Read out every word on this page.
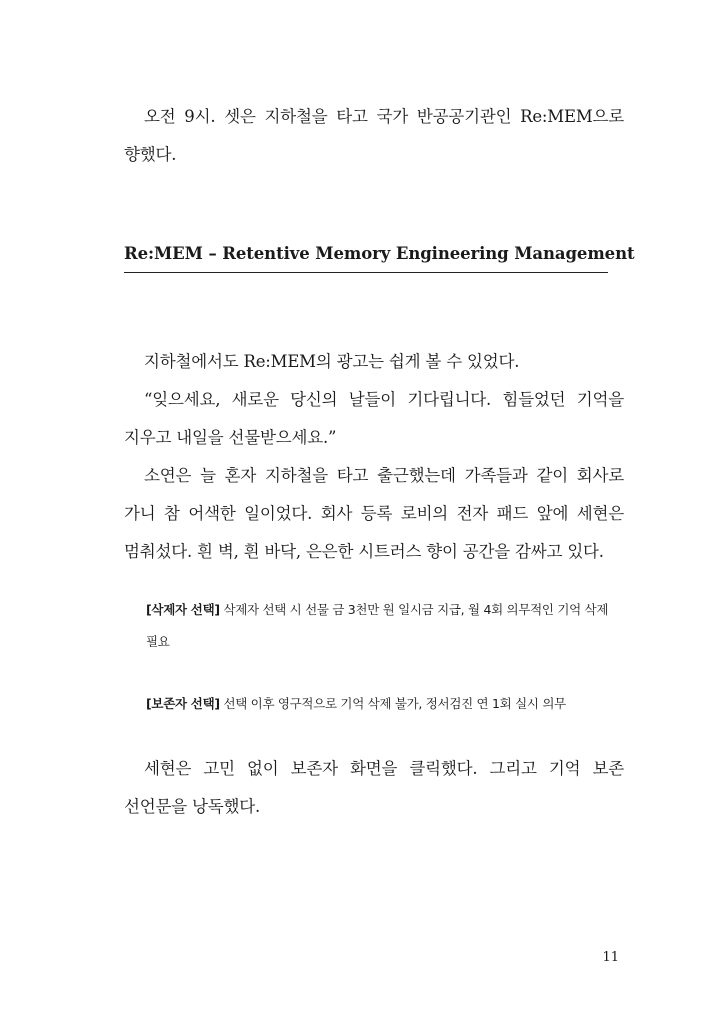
오전 9시. 셋은 지하철을 타고 국가 반공공기관인 Re:MEM으로 향했다.

Re:MEM – Retentive Memory Engineering Management

지하철에서도 Re:MEM의 광고는 쉽게 볼 수 있었다.

“잊으세요, 새로운 당신의 날들이 기다립니다. 힘들었던 기억을 지우고 내일을 선물받으세요.”

소연은 늘 혼자 지하철을 타고 출근했는데 가족들과 같이 회사로 가니 참 어색한 일이었다. 회사 등록 로비의 전자 패드 앞에 세현은 멈춰섰다. 흰 벽, 흰 바닥, 은은한 시트러스 향이 공간을 감싸고 있다.

[삭제자 선택] 삭제자 선택 시 선물 금 3천만 원 일시금 지급, 월 4회 의무적인 기억 삭제 필요

[보존자 선택] 선택 이후 영구적으로 기억 삭제 불가, 정서검진 연 1회 실시 의무

세현은 고민 없이 보존자 화면을 클릭했다. 그리고 기억 보존 선언문을 낭독했다.

11
